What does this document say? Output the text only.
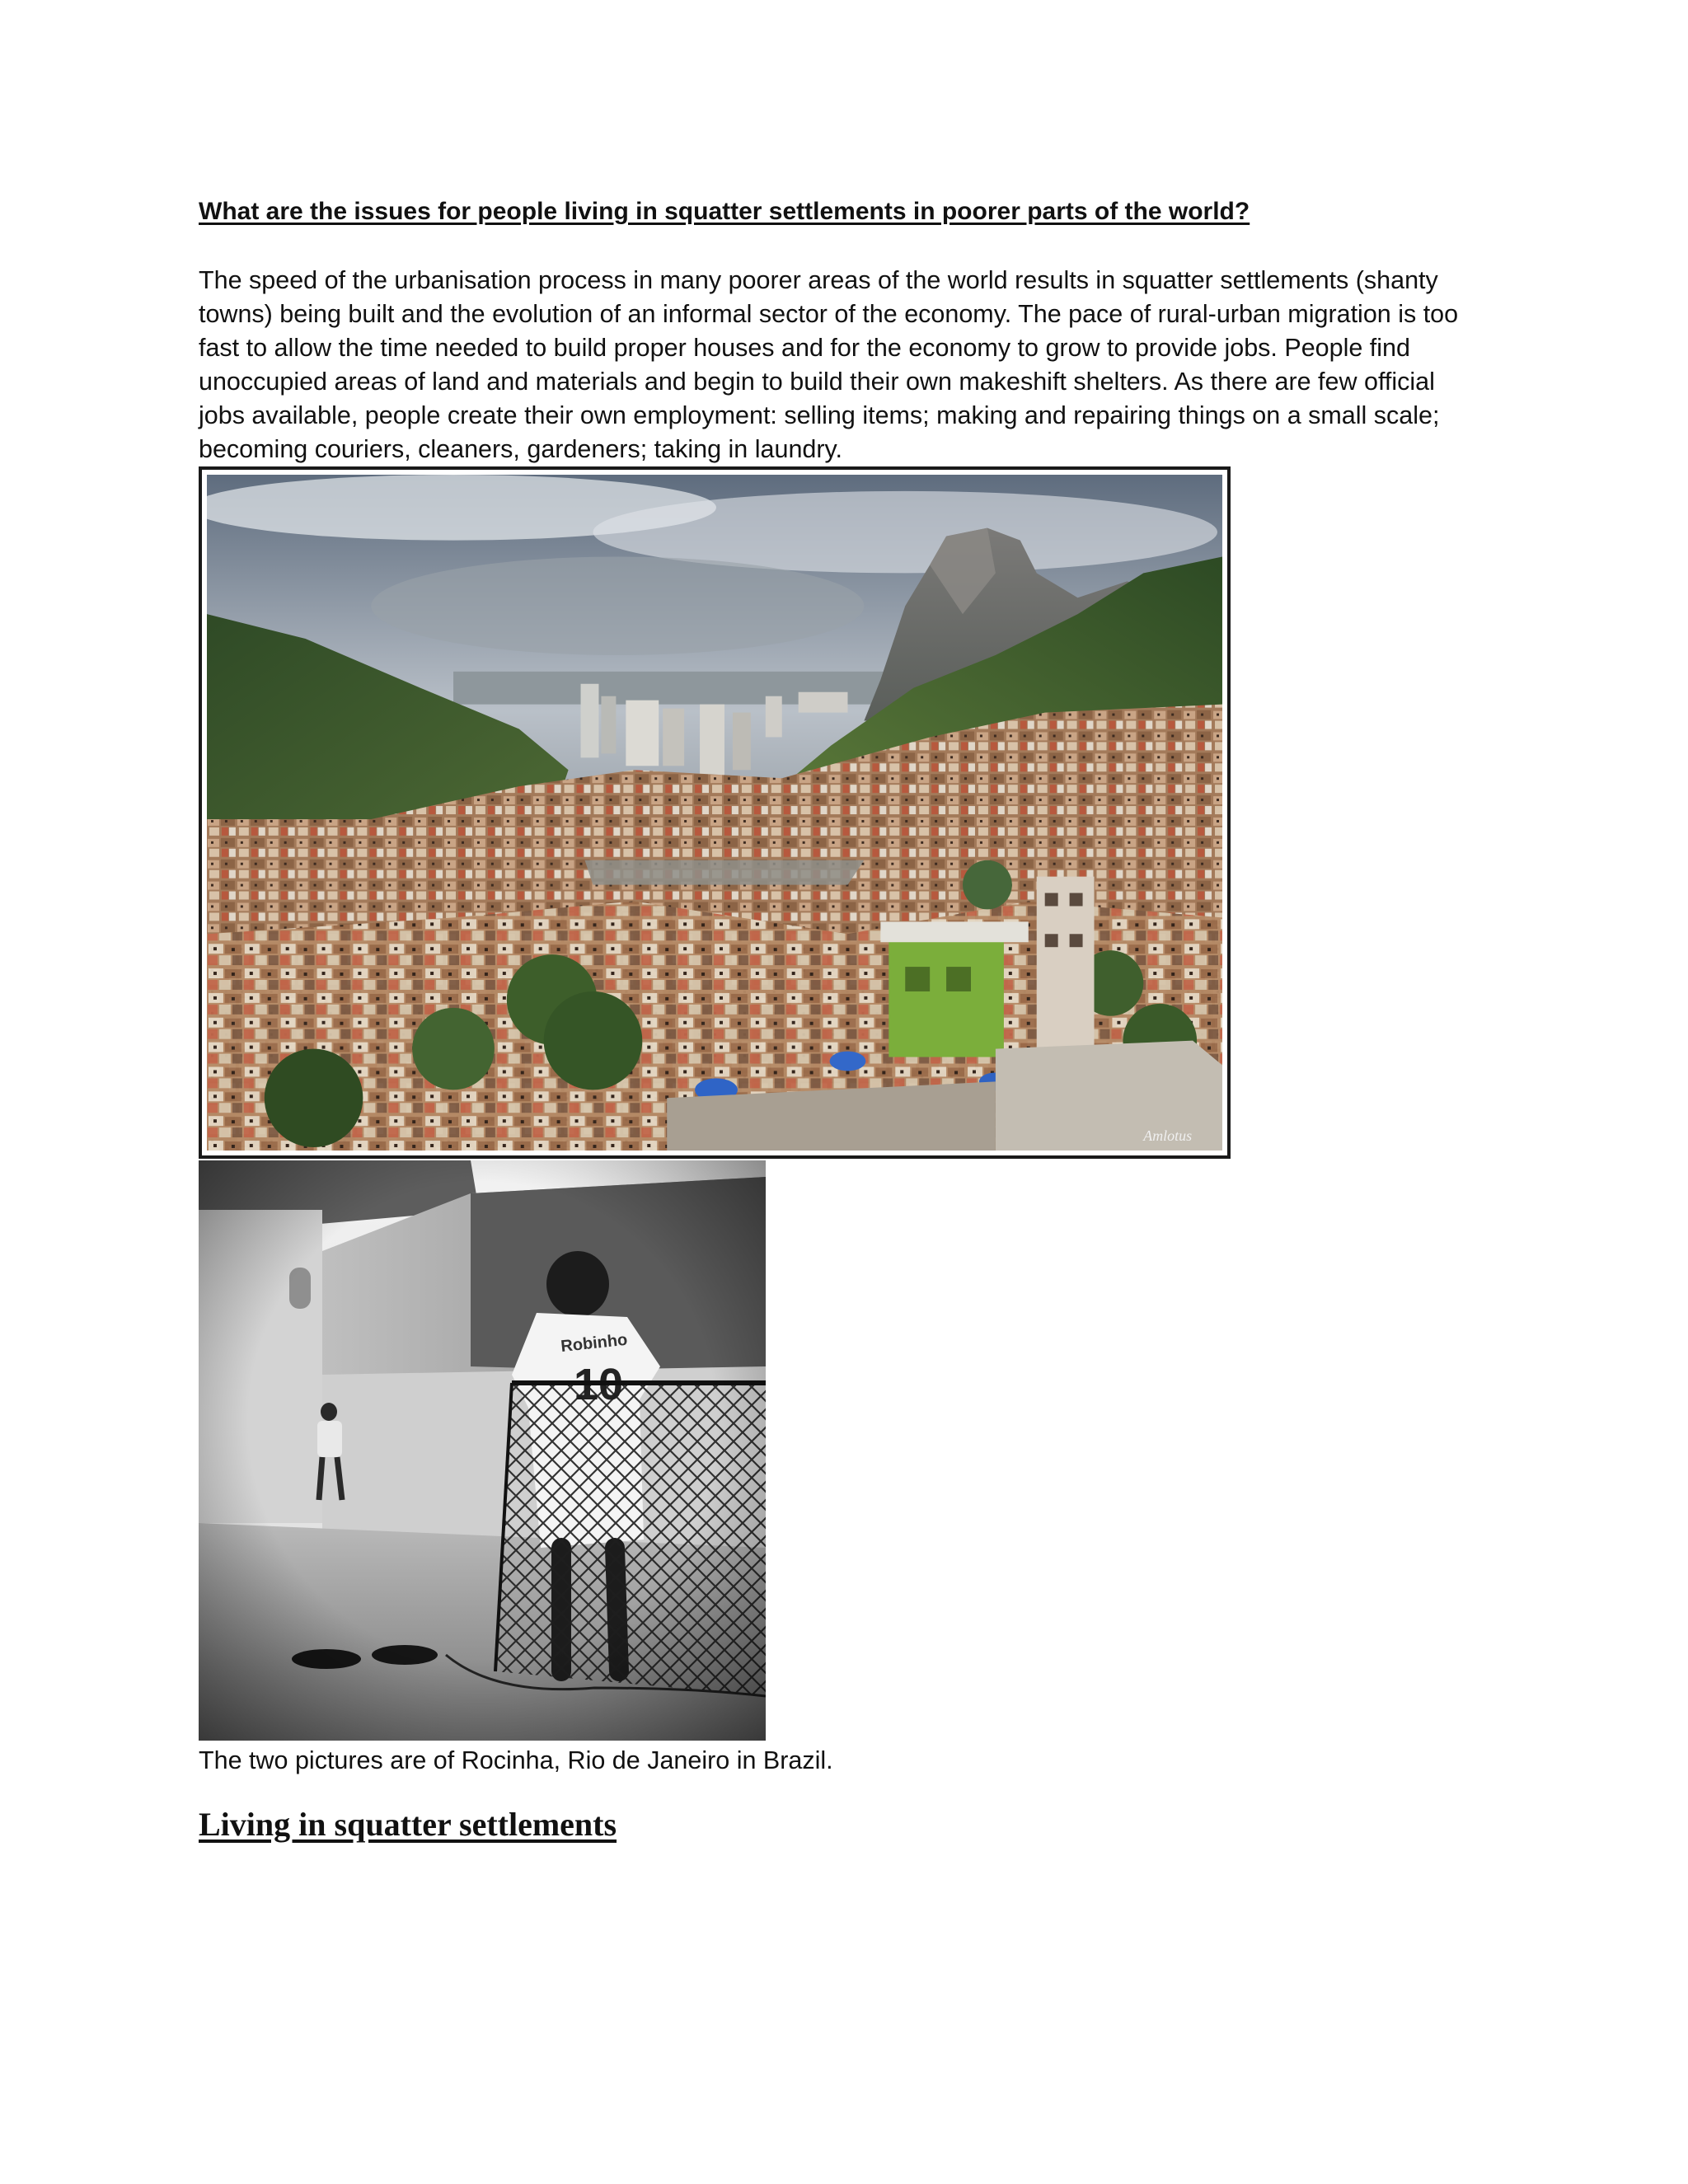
What are the issues for people living in squatter settlements in poorer parts of the world?

The speed of the urbanisation process in many poorer areas of the world results in squatter settlements (shanty
towns) being built and the evolution of an informal sector of the economy. The pace of rural-urban migration is too
fast to allow the time needed to build proper houses and for the economy to grow to provide jobs. People find
unoccupied areas of land and materials and begin to build their own makeshift shelters. As there are few official
jobs available, people create their own employment: selling items; making and repairing things on a small scale;
becoming couriers, cleaners, gardeners; taking in laundry.

Amlotus
The two pictures are of Rocinha, Rio de Janeiro in Brazil.
Living in squatter settlements
